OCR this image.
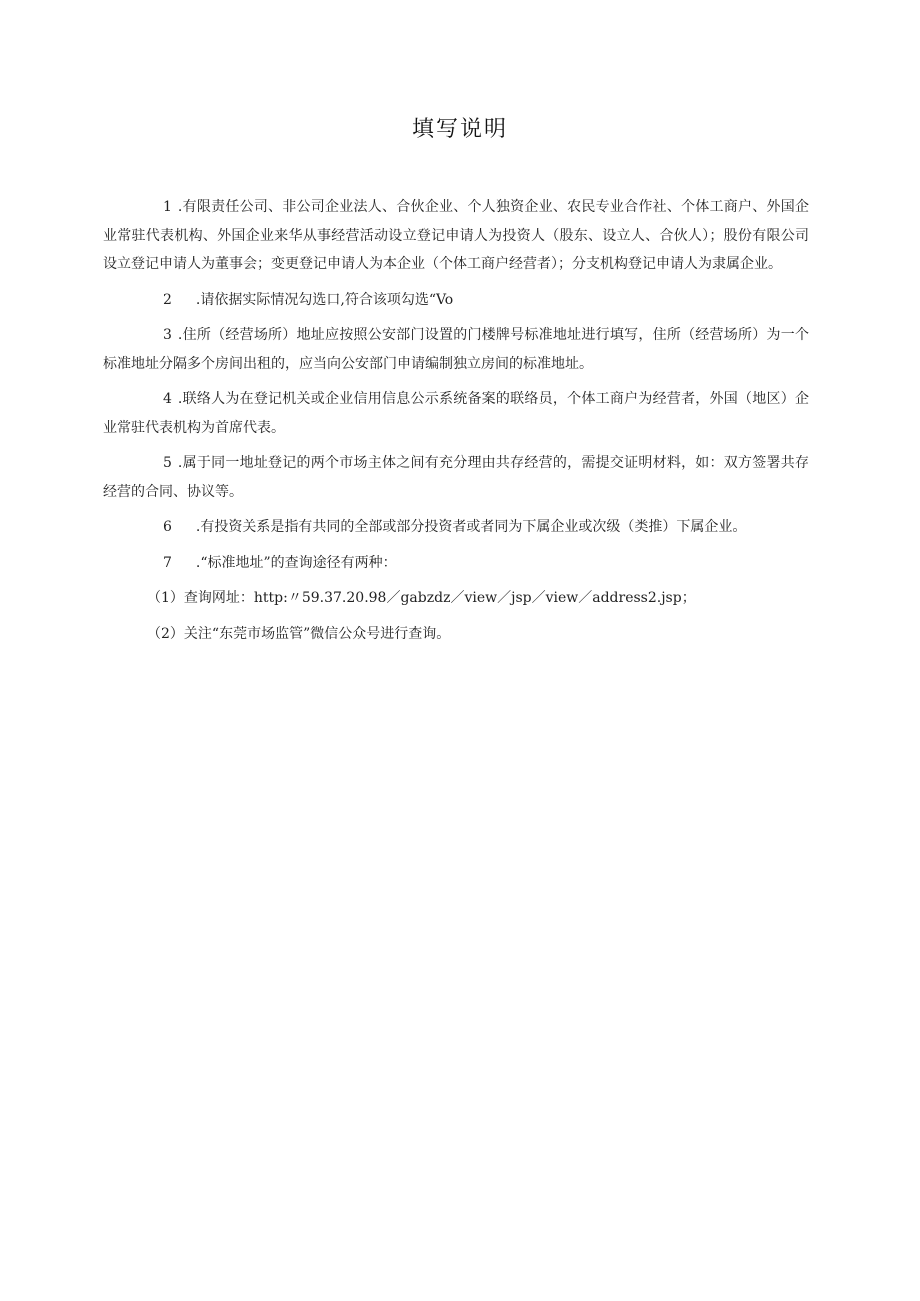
填写说明

1 .有限责任公司、非公司企业法人、合伙企业、个人独资企业、农民专业合作社、个体工商户、外国企业常驻代表机构、外国企业来华从事经营活动设立登记申请人为投资人（股东、设立人、合伙人）；股份有限公司设立登记申请人为董事会；变更登记申请人为本企业（个体工商户经营者）；分支机构登记申请人为隶属企业。

2 .请依据实际情况勾选口,符合该项勾选“Vo

3 .住所（经营场所）地址应按照公安部门设置的门楼牌号标准地址进行填写，住所（经营场所）为一个标准地址分隔多个房间出租的，应当向公安部门申请编制独立房间的标准地址。

4 .联络人为在登记机关或企业信用信息公示系统备案的联络员，个体工商户为经营者，外国（地区）企业常驻代表机构为首席代表。

5 .属于同一地址登记的两个市场主体之间有充分理由共存经营的，需提交证明材料，如：双方签署共存经营的合同、协议等。

6 .有投资关系是指有共同的全部或部分投资者或者同为下属企业或次级（类推）下属企业。

7 .“标准地址”的查询途径有两种：

（1）查询网址：http:〃59.37.20.98／gabzdz／view／jsp／view／address2.jsp；

（2）关注“东莞市场监管”微信公众号进行查询。
